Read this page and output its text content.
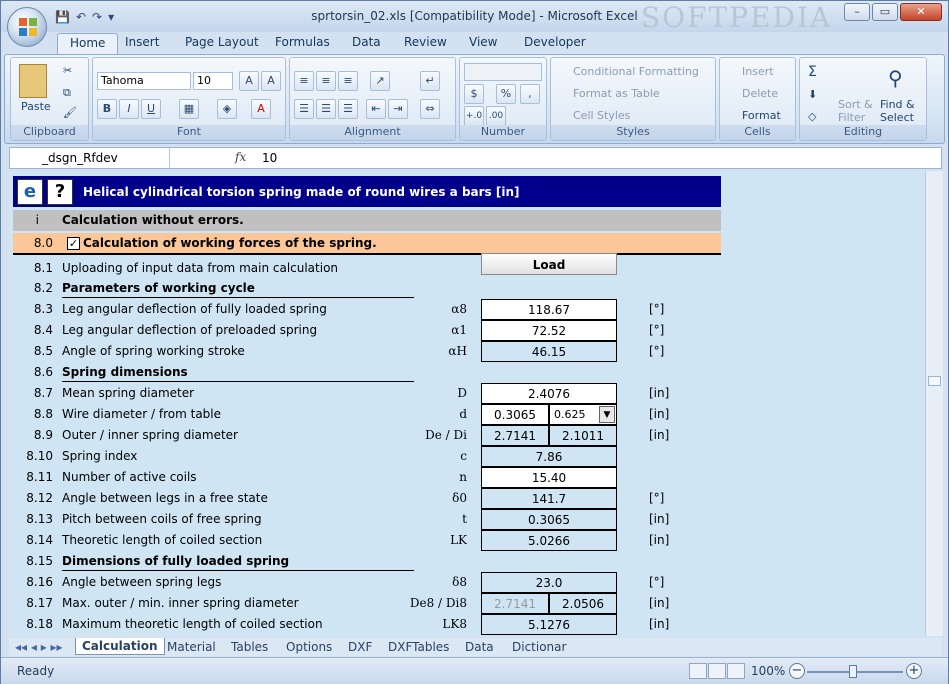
SOFTPEDIA
sprtorsin_02.xls [Compatibility Mode] - Microsoft Excel
💾 ↶ ↷ ▾	–	▭	✕
Home	Insert Page Layout Formulas Data Review View Developer
Paste
✂
⧉
🖌
Clipboard
Tahoma	10	A	A
B	I	U	▦	◈	A
Font
≡	≡	≡	↗	↵
☰	☰	☰	⇤	⇥	⇔
Alignment
$	%	,
+.0 .00
Number
Conditional Formatting
Format as Table
Cell Styles
Styles
Insert
Delete
Format
Cells
Σ
⬇
◇
Sort &
Filter
Find &
Select
⚲
Editing
_dsgn_Rfdev	fx 10
e	?	Helical cylindrical torsion spring made of round wires a bars [in]
i Calculation without errors.
8.0 ✓ Calculation of working forces of the spring.
Load
8.1 Uploading of input data from main calculation
8.2 Parameters of working cycle
8.3 Leg angular deflection of fully loaded spring	α8	118.67	[°]
8.4 Leg angular deflection of preloaded spring	α1	72.52	[°]
8.5 Angle of spring working stroke	αH	46.15	[°]
8.6 Spring dimensions
8.7 Mean spring diameter	D	2.4076	[in]
8.8 Wire diameter / from table	d	0.3065	0.625	▼	[in]
8.9 Outer / inner spring diameter	De / Di	2.7141	2.1011	[in]
8.10 Spring index	c	7.86
8.11 Number of active coils	n	15.40
8.12 Angle between legs in a free state	δ0	141.7	[°]
8.13 Pitch between coils of free spring	t	0.3065	[in]
8.14 Theoretic length of coiled section	LK	5.0266	[in]
8.15 Dimensions of fully loaded spring
8.16 Angle between spring legs	δ8	23.0	[°]
8.17 Max. outer / min. inner spring diameter	De8 / Di8	2.7141	2.0506	[in]
8.18 Maximum theoretic length of coiled section	LK8	5.1276	[in]
◂◂ ◂ ▸ ▸▸	Calculation Material Tables Options DXF DXFTables Data Dictionar
Ready	100% −	+
